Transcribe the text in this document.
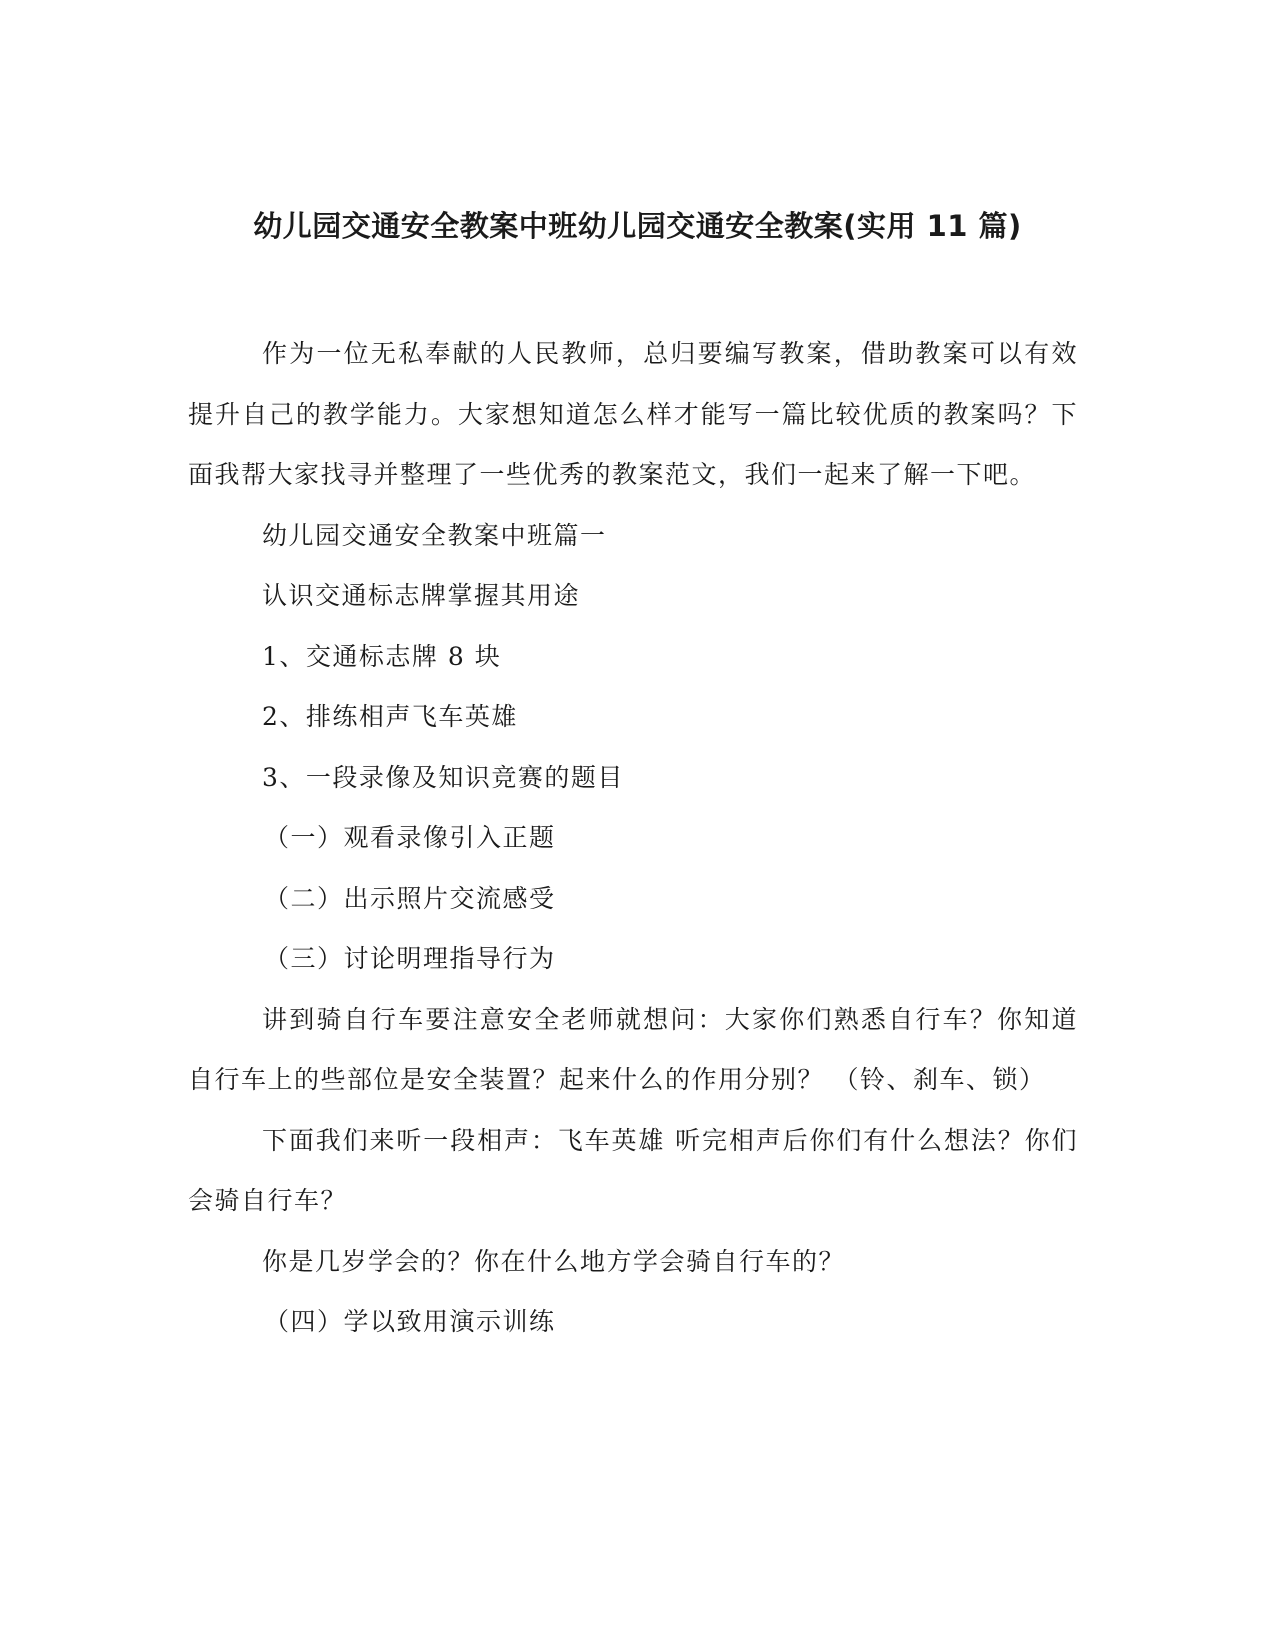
幼儿园交通安全教案中班幼儿园交通安全教案(实用 11 篇)

作为一位无私奉献的人民教师，总归要编写教案，借助教案可以有效提升自己的教学能力。大家想知道怎么样才能写一篇比较优质的教案吗？下面我帮大家找寻并整理了一些优秀的教案范文，我们一起来了解一下吧。

幼儿园交通安全教案中班篇一

认识交通标志牌掌握其用途

1、交通标志牌 8 块

2、排练相声飞车英雄

3、一段录像及知识竞赛的题目

（一）观看录像引入正题

（二）出示照片交流感受

（三）讨论明理指导行为

讲到骑自行车要注意安全老师就想问：大家你们熟悉自行车？你知道自行车上的些部位是安全装置？起来什么的作用分别？ （铃、刹车、锁）

下面我们来听一段相声：飞车英雄 听完相声后你们有什么想法？你们会骑自行车？

你是几岁学会的？你在什么地方学会骑自行车的？

（四）学以致用演示训练
